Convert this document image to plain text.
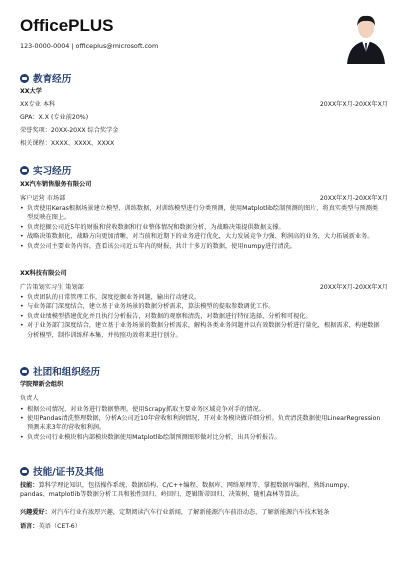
OfficePLUS
123-0000-0004 | officeplus@microsoft.com
教育经历
XX大学
XX专业 本科	20XX年X月-20XX年X月
GPA：X.X (专业前20%)
荣誉奖项：20XX-20XX 综合奖学金
相关课程：XXXX、XXXX、XXXX
实习经历
XX汽车销售服务有限公司
客户运营 市场部	20XX年X月-20XX年X月
• 负责使用Keras根据场景建立模型、训练数据，对训练模型进行分类预测，使用Matplotlib绘制预测的图片，将真实类型与预测类型反映在图上。
• 负责挖掘公司近5年的财报和营收数据和行业整体情况和数据分析，为战略决策提供数据支撑。
• 战略决策数据化，战略方向更加清晰，对当前和近期下的业务进行优化，大力发展竞争力强、利润高的业务，大力拓展新业务。
• 负责公司主要业务内容，查看该公司近五年内的财报，共计十多万的数据，使用numpy进行清洗。
XX科技有限公司
广告策划实习生 策划部	20XX年X月-20XX年X月
• 负责团队的日常管理工作，深度挖掘业务问题，输出行动建议。
• 与业务部门深度结合，建立基于业务场景的数据分析需求，算法模型的提取参数调优工作。
• 负责业绩模型搭建优化并且执行分析报告，对数据的观察和清洗，对数据进行特征选择、分析和可视化。
• 对于业务部门深度结合，建立基于业务场景的数据分析需求，解构各类业务问题并以有效数据分析进行量化，根据需求，构建数据分析模型，制作训练样本集，并按照功效将来进行创分。
社团和组织经历
学院辩新会组织
负责人
• 根据公司情况，对业务进行数据整理，使用Scrapy抓取主要业务区域竞争对手的情况。
• 使用Pandas清洗整理数据，分析A公司近10年营收和利润情况，开对业务模块做详细分析。负责清洗数据使用LinearRegression预测未来3年的营收和利润。
• 负责公司行业模块和内部模块数据使用Matplotlib绘制预测图形做对比分析，出具分析报告。
技能/证书及其他
技能：算科学理论知识，包括操作系统、数据结构、C/C++编程、数据库、网络原理等、掌握数据库编程，熟练numpy、pandas、matplotlib等数据分析工具和独性回归、岭回归、逻辑斯蒂回归、决策树、随机森林等算法。
兴趣爱好：对汽车行业有浓厚兴趣，定期阅读汽车行业新闻，了解新能源汽车前沿动态，了解新能源汽车技术链条
语言：英语（CET-6）
